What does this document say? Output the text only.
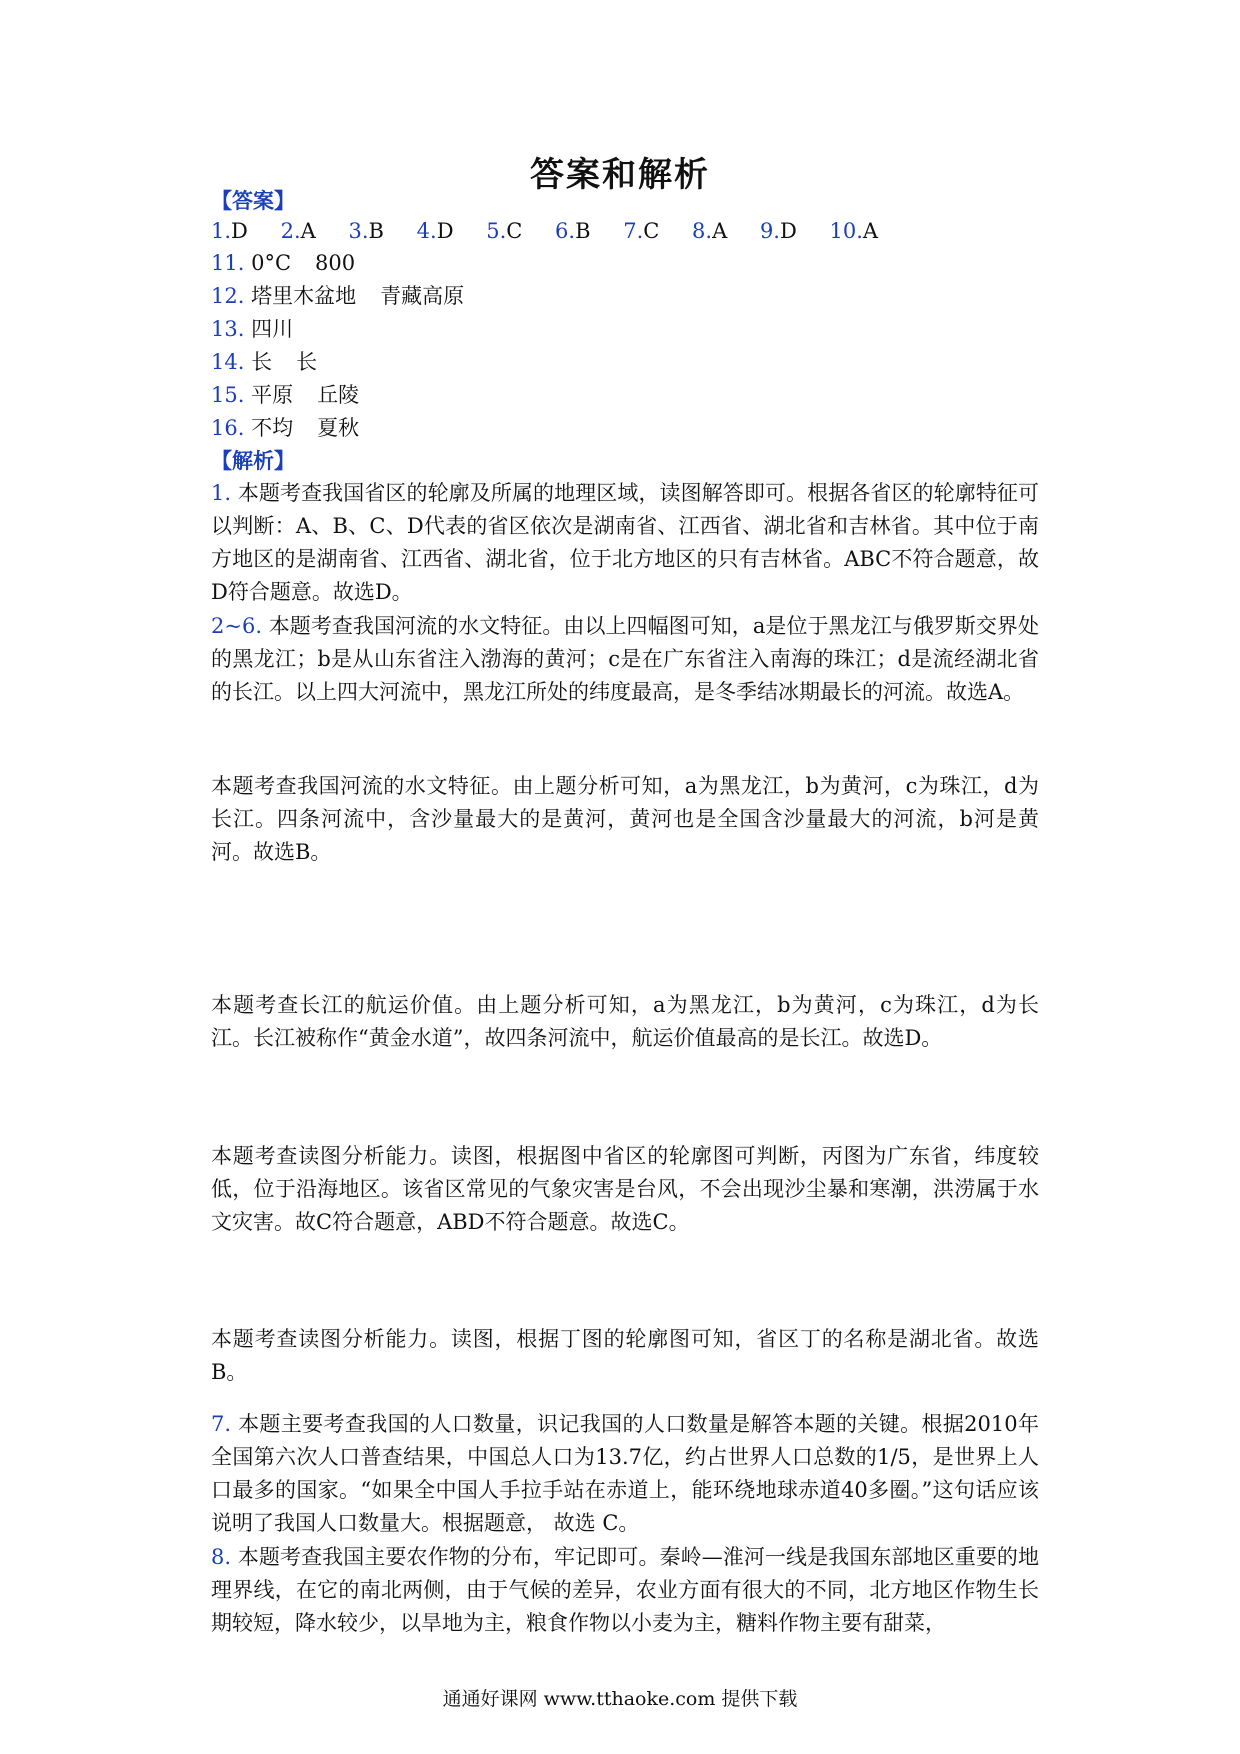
答案和解析
【答案】
1.D 2.A 3.B 4.D 5.C 6.B 7.C 8.A 9.D 10.A
11. 0°C 800
12. 塔里木盆地 青藏高原
13. 四川
14. 长 长
15. 平原 丘陵
16. 不均 夏秋
【解析】
1. 本题考查我国省区的轮廓及所属的地理区域，读图解答即可。根据各省区的轮廓特征可以判断：A、B、C、D代表的省区依次是湖南省、江西省、湖北省和吉林省。其中位于南方地区的是湖南省、江西省、湖北省，位于北方地区的只有吉林省。ABC不符合题意，故D符合题意。故选D。
2~6. 本题考查我国河流的水文特征。由以上四幅图可知，a是位于黑龙江与俄罗斯交界处的黑龙江；b是从山东省注入渤海的黄河；c是在广东省注入南海的珠江；d是流经湖北省的长江。以上四大河流中，黑龙江所处的纬度最高，是冬季结冰期最长的河流。故选A。
本题考查我国河流的水文特征。由上题分析可知，a为黑龙江，b为黄河，c为珠江，d为长江。四条河流中，含沙量最大的是黄河，黄河也是全国含沙量最大的河流，b河是黄河。故选B。
本题考查长江的航运价值。由上题分析可知，a为黑龙江，b为黄河，c为珠江，d为长江。长江被称作“黄金水道”，故四条河流中，航运价值最高的是长江。故选D。
本题考查读图分析能力。读图，根据图中省区的轮廓图可判断，丙图为广东省，纬度较低，位于沿海地区。该省区常见的气象灾害是台风，不会出现沙尘暴和寒潮，洪涝属于水文灾害。故C符合题意，ABD不符合题意。故选C。
本题考查读图分析能力。读图，根据丁图的轮廓图可知，省区丁的名称是湖北省。故选B。
7. 本题主要考查我国的人口数量，识记我国的人口数量是解答本题的关键。根据2010年全国第六次人口普查结果，中国总人口为13.7亿，约占世界人口总数的1/5，是世界上人口最多的国家。“如果全中国人手拉手站在赤道上，能环绕地球赤道40多圈。”这句话应该说明了我国人口数量大。根据题意， 故选 C。
8. 本题考查我国主要农作物的分布，牢记即可。秦岭—淮河一线是我国东部地区重要的地理界线，在它的南北两侧，由于气候的差异，农业方面有很大的不同，北方地区作物生长期较短，降水较少，以旱地为主，粮食作物以小麦为主，糖料作物主要有甜菜，
通通好课网 www.tthaoke.com 提供下载
